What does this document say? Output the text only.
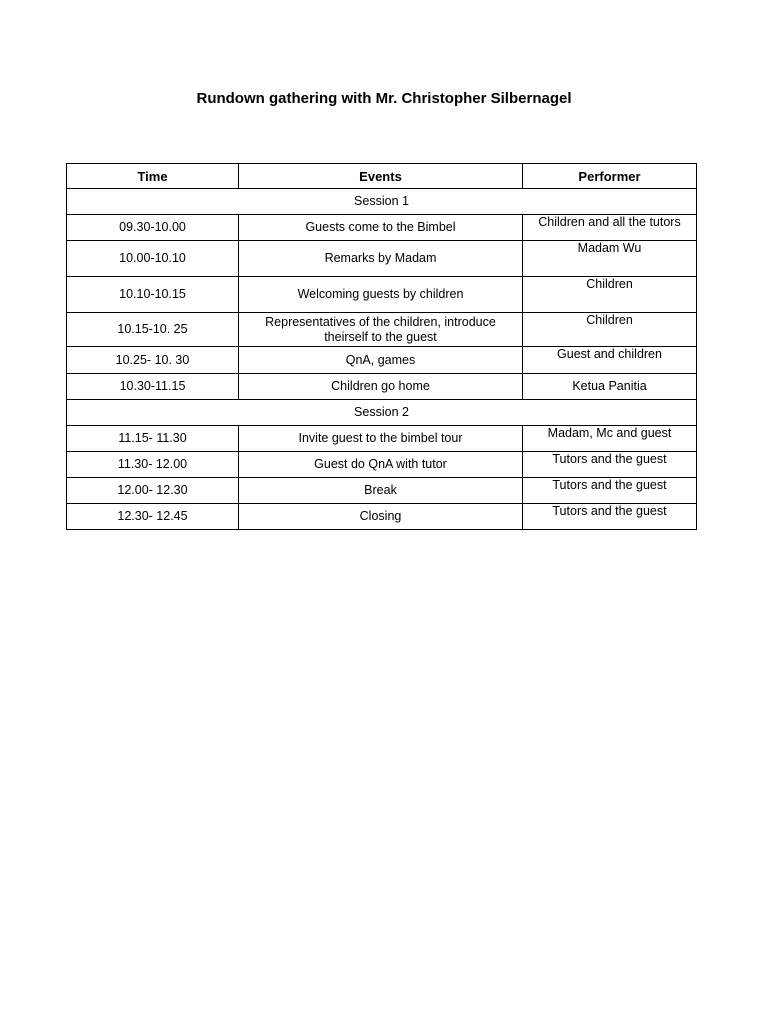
Rundown gathering with Mr. Christopher Silbernagel
Time	Events	Performer
Session 1		
09.30-10.00	Guests come to the Bimbel	Children and all the tutors
10.00-10.10	Remarks by Madam	Madam Wu
10.10-10.15	Welcoming guests by children	Children
10.15-10. 25	Representatives of the children, introduce theirself to the guest	Children
10.25- 10. 30	QnA, games	Guest and children
10.30-11.15	Children go home	Ketua Panitia
Session 2		
11.15- 11.30	Invite guest to the bimbel tour	Madam, Mc and guest
11.30- 12.00	Guest do QnA with tutor	Tutors and the guest
12.00- 12.30	Break	Tutors and the guest
12.30- 12.45	Closing	Tutors and the guest
